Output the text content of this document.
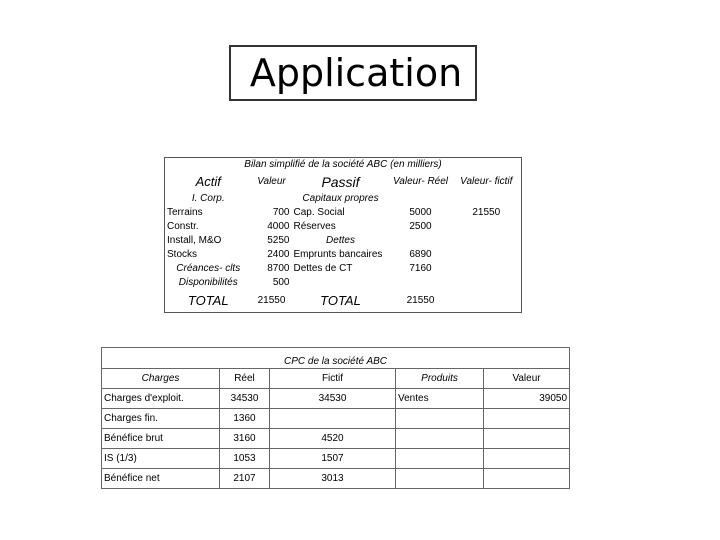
Application
Bilan simplifié de la société ABC (en milliers)				
Actif	Valeur	Passif	Valeur- Réel	Valeur- fictif
I. Corp.		Capitaux propres		
Terrains	700	Cap. Social	5000	21550
Constr.	4000	Réserves	2500	
Install, M&O	5250	Dettes		
Stocks	2400	Emprunts bancaires	6890	
Créances- clts	8700	Dettes de CT	7160	
Disponibilités	500			
TOTAL	21550	TOTAL	21550	
CPC de la société ABC				
Charges	Réel	Fictif	Produits	Valeur
Charges d'exploit.	34530	34530	Ventes	39050
Charges fin.	1360			
Bénéfice brut	3160	4520		
IS (1/3)	1053	1507		
Bénéfice net	2107	3013		
